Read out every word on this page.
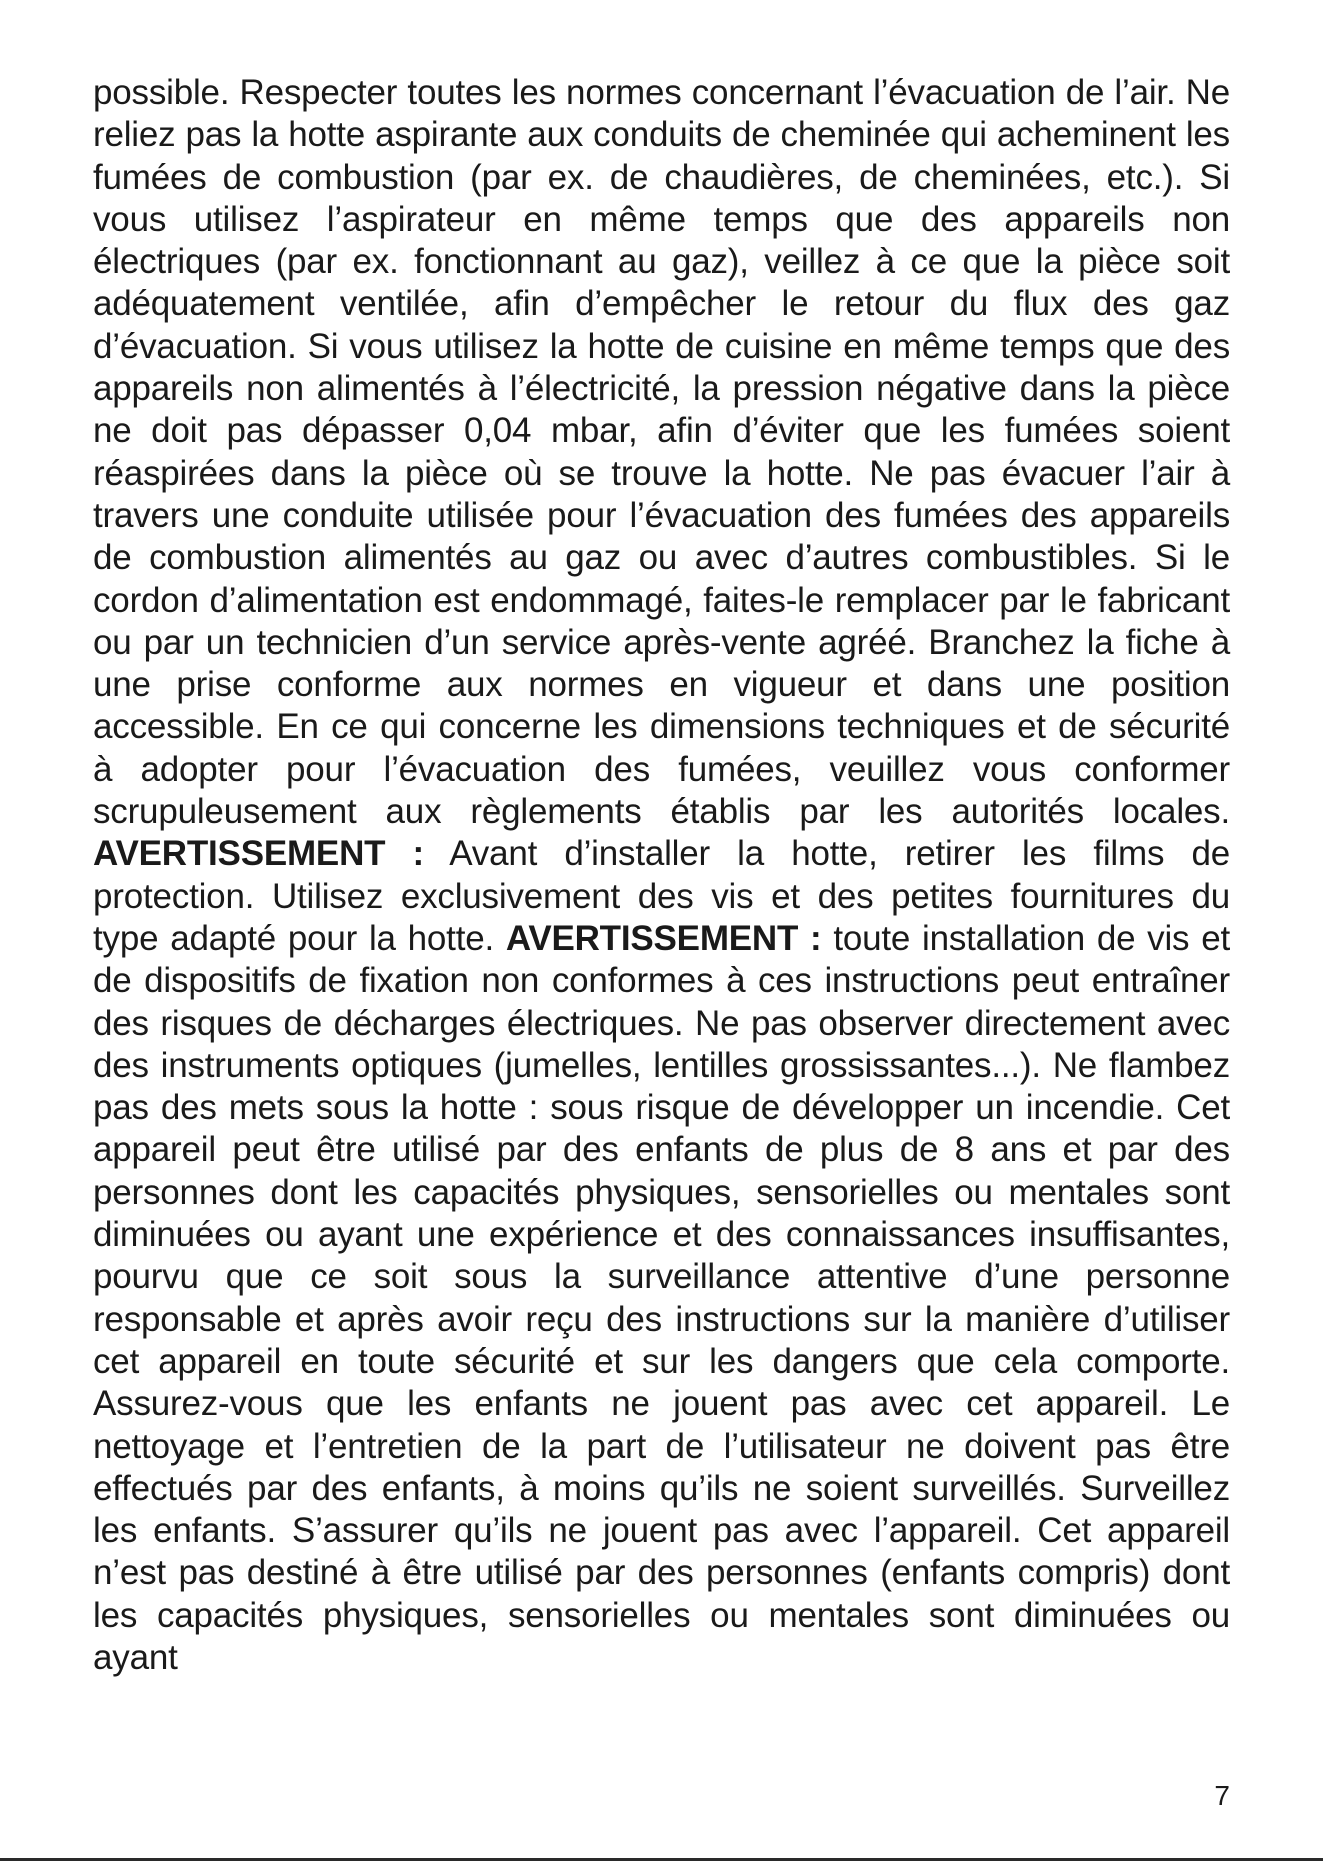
possible. Respecter toutes les normes concernant l’évacuation de l’air. Ne reliez pas la hotte aspirante aux conduits de cheminée qui acheminent les fumées de combustion (par ex. de chaudières, de cheminées, etc.). Si vous utilisez l’aspirateur en même temps que des appareils non électriques (par ex. fonctionnant au gaz), veillez à ce que la pièce soit adéquatement ventilée, afin d’empêcher le retour du flux des gaz d’évacuation. Si vous utilisez la hotte de cuisine en même temps que des appareils non alimentés à l’électricité, la pression négative dans la pièce ne doit pas dépasser 0,04 mbar, afin d’éviter que les fumées soient réaspirées dans la pièce où se trouve la hotte. Ne pas évacuer l’air à travers une conduite utilisée pour l’évacuation des fumées des appareils de combustion alimentés au gaz ou avec d’autres combustibles. Si le cordon d’alimentation est endommagé, faites-le remplacer par le fabricant ou par un technicien d’un service après-vente agréé. Branchez la fiche à une prise conforme aux normes en vigueur et dans une position accessible. En ce qui concerne les dimensions techniques et de sécurité à adopter pour l’évacuation des fumées, veuillez vous conformer scrupuleusement aux règlements établis par les autorités locales. AVERTISSEMENT : Avant d’installer la hotte, retirer les films de protection. Utilisez exclusivement des vis et des petites fournitures du type adapté pour la hotte. AVERTISSEMENT : toute installation de vis et de dispositifs de fixation non conformes à ces instructions peut entraîner des risques de décharges électriques. Ne pas observer directement avec des instruments optiques (jumelles, lentilles grossissantes...). Ne flambez pas des mets sous la hotte : sous risque de développer un incendie. Cet appareil peut être utilisé par des enfants de plus de 8 ans et par des personnes dont les capacités physiques, sensorielles ou mentales sont diminuées ou ayant une expérience et des connaissances insuffisantes, pourvu que ce soit sous la surveillance attentive d’une personne responsable et après avoir reçu des instructions sur la manière d’utiliser cet appareil en toute sécurité et sur les dangers que cela comporte. Assurez-vous que les enfants ne jouent pas avec cet appareil. Le nettoyage et l’entretien de la part de l’utilisateur ne doivent pas être effectués par des enfants, à moins qu’ils ne soient surveillés. Surveillez les enfants. S’assurer qu’ils ne jouent pas avec l’appareil. Cet appareil n’est pas destiné à être utilisé par des personnes (enfants compris) dont les capacités physiques, sensorielles ou mentales sont diminuées ou ayant

7
